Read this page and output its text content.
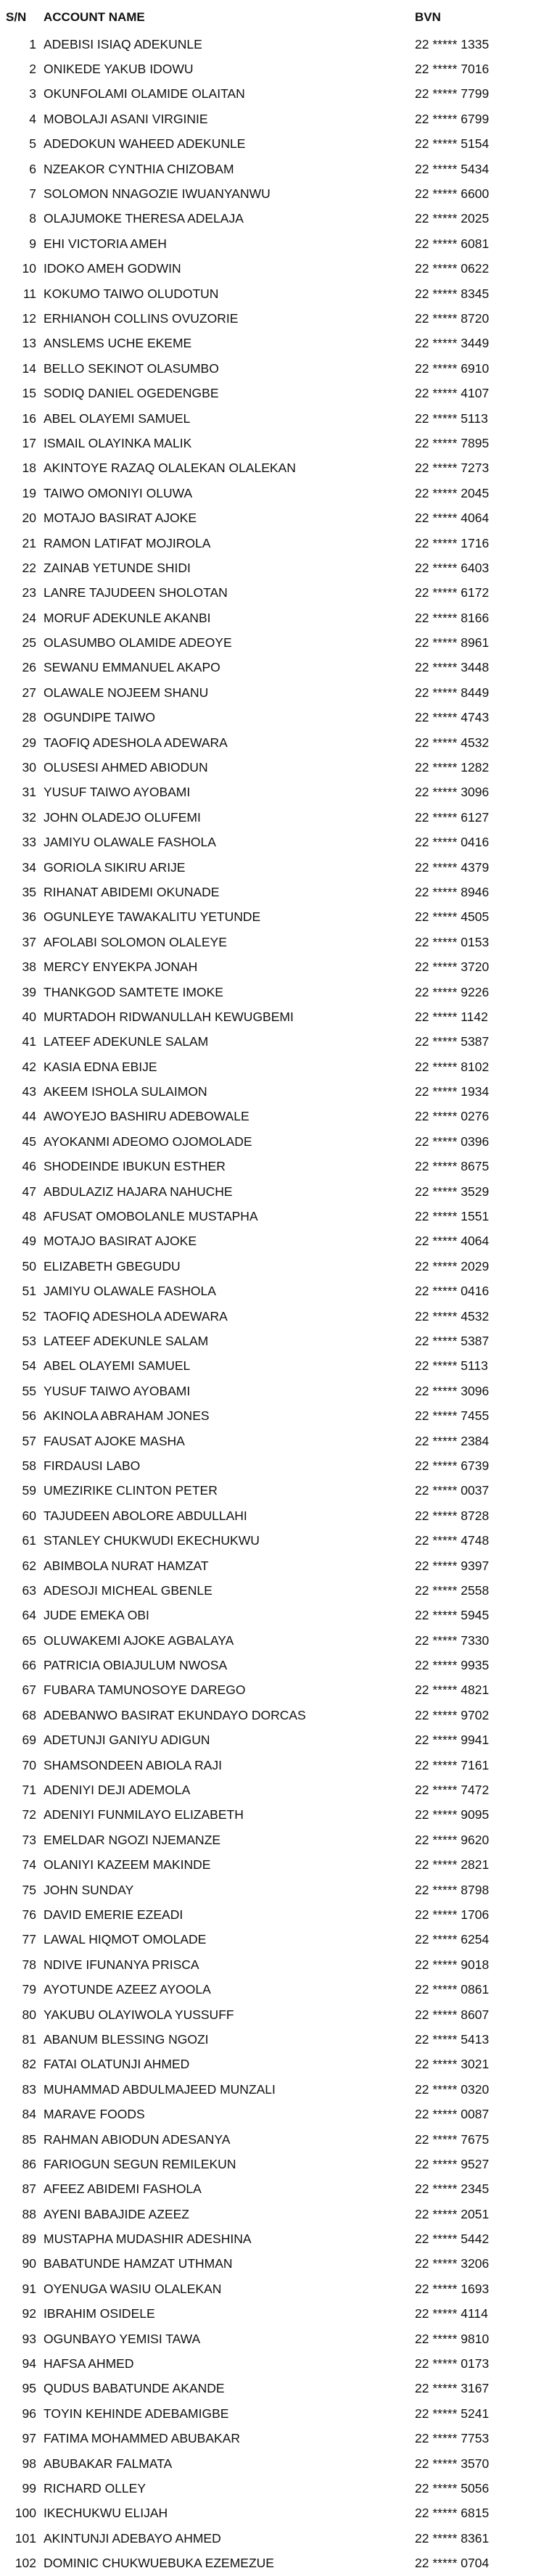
S/N	ACCOUNT NAME	BVN
1 ADEBISI ISIAQ ADEKUNLE	22 ***** 1335
2 ONIKEDE YAKUB IDOWU	22 ***** 7016
3 OKUNFOLAMI OLAMIDE OLAITAN	22 ***** 7799
4 MOBOLAJI ASANI VIRGINIE	22 ***** 6799
5 ADEDOKUN WAHEED ADEKUNLE	22 ***** 5154
6 NZEAKOR CYNTHIA CHIZOBAM	22 ***** 5434
7 SOLOMON NNAGOZIE IWUANYANWU	22 ***** 6600
8 OLAJUMOKE THERESA ADELAJA	22 ***** 2025
9 EHI VICTORIA AMEH	22 ***** 6081
10 IDOKO AMEH GODWIN	22 ***** 0622
11 KOKUMO TAIWO OLUDOTUN	22 ***** 8345
12 ERHIANOH COLLINS OVUZORIE	22 ***** 8720
13 ANSLEMS UCHE EKEME	22 ***** 3449
14 BELLO SEKINOT OLASUMBO	22 ***** 6910
15 SODIQ DANIEL OGEDENGBE	22 ***** 4107
16 ABEL OLAYEMI SAMUEL	22 ***** 5113
17 ISMAIL OLAYINKA MALIK	22 ***** 7895
18 AKINTOYE RAZAQ OLALEKAN OLALEKAN	22 ***** 7273
19 TAIWO OMONIYI OLUWA	22 ***** 2045
20 MOTAJO BASIRAT AJOKE	22 ***** 4064
21 RAMON LATIFAT MOJIROLA	22 ***** 1716
22 ZAINAB YETUNDE SHIDI	22 ***** 6403
23 LANRE TAJUDEEN SHOLOTAN	22 ***** 6172
24 MORUF ADEKUNLE AKANBI	22 ***** 8166
25 OLASUMBO OLAMIDE ADEOYE	22 ***** 8961
26 SEWANU EMMANUEL AKAPO	22 ***** 3448
27 OLAWALE NOJEEM SHANU	22 ***** 8449
28 OGUNDIPE TAIWO	22 ***** 4743
29 TAOFIQ ADESHOLA ADEWARA	22 ***** 4532
30 OLUSESI AHMED ABIODUN	22 ***** 1282
31 YUSUF TAIWO AYOBAMI	22 ***** 3096
32 JOHN OLADEJO OLUFEMI	22 ***** 6127
33 JAMIYU OLAWALE FASHOLA	22 ***** 0416
34 GORIOLA SIKIRU ARIJE	22 ***** 4379
35 RIHANAT ABIDEMI OKUNADE	22 ***** 8946
36 OGUNLEYE TAWAKALITU YETUNDE	22 ***** 4505
37 AFOLABI SOLOMON OLALEYE	22 ***** 0153
38 MERCY ENYEKPA JONAH	22 ***** 3720
39 THANKGOD SAMTETE IMOKE	22 ***** 9226
40 MURTADOH RIDWANULLAH KEWUGBEMI	22 ***** 1142
41 LATEEF ADEKUNLE SALAM	22 ***** 5387
42 KASIA EDNA EBIJE	22 ***** 8102
43 AKEEM ISHOLA SULAIMON	22 ***** 1934
44 AWOYEJO BASHIRU ADEBOWALE	22 ***** 0276
45 AYOKANMI ADEOMO OJOMOLADE	22 ***** 0396
46 SHODEINDE IBUKUN ESTHER	22 ***** 8675
47 ABDULAZIZ HAJARA NAHUCHE	22 ***** 3529
48 AFUSAT OMOBOLANLE MUSTAPHA	22 ***** 1551
49 MOTAJO BASIRAT AJOKE	22 ***** 4064
50 ELIZABETH GBEGUDU	22 ***** 2029
51 JAMIYU OLAWALE FASHOLA	22 ***** 0416
52 TAOFIQ ADESHOLA ADEWARA	22 ***** 4532
53 LATEEF ADEKUNLE SALAM	22 ***** 5387
54 ABEL OLAYEMI SAMUEL	22 ***** 5113
55 YUSUF TAIWO AYOBAMI	22 ***** 3096
56 AKINOLA ABRAHAM JONES	22 ***** 7455
57 FAUSAT AJOKE MASHA	22 ***** 2384
58 FIRDAUSI LABO	22 ***** 6739
59 UMEZIRIKE CLINTON PETER	22 ***** 0037
60 TAJUDEEN ABOLORE ABDULLAHI	22 ***** 8728
61 STANLEY CHUKWUDI EKECHUKWU	22 ***** 4748
62 ABIMBOLA NURAT HAMZAT	22 ***** 9397
63 ADESOJI MICHEAL GBENLE	22 ***** 2558
64 JUDE EMEKA OBI	22 ***** 5945
65 OLUWAKEMI AJOKE AGBALAYA	22 ***** 7330
66 PATRICIA OBIAJULUM NWOSA	22 ***** 9935
67 FUBARA TAMUNOSOYE DAREGO	22 ***** 4821
68 ADEBANWO BASIRAT EKUNDAYO DORCAS	22 ***** 9702
69 ADETUNJI GANIYU ADIGUN	22 ***** 9941
70 SHAMSONDEEN ABIOLA RAJI	22 ***** 7161
71 ADENIYI DEJI ADEMOLA	22 ***** 7472
72 ADENIYI FUNMILAYO ELIZABETH	22 ***** 9095
73 EMELDAR NGOZI NJEMANZE	22 ***** 9620
74 OLANIYI KAZEEM MAKINDE	22 ***** 2821
75 JOHN SUNDAY	22 ***** 8798
76 DAVID EMERIE EZEADI	22 ***** 1706
77 LAWAL HIQMOT OMOLADE	22 ***** 6254
78 NDIVE IFUNANYA PRISCA	22 ***** 9018
79 AYOTUNDE AZEEZ AYOOLA	22 ***** 0861
80 YAKUBU OLAYIWOLA YUSSUFF	22 ***** 8607
81 ABANUM BLESSING NGOZI	22 ***** 5413
82 FATAI OLATUNJI AHMED	22 ***** 3021
83 MUHAMMAD ABDULMAJEED MUNZALI	22 ***** 0320
84 MARAVE FOODS	22 ***** 0087
85 RAHMAN ABIODUN ADESANYA	22 ***** 7675
86 FARIOGUN SEGUN REMILEKUN	22 ***** 9527
87 AFEEZ ABIDEMI FASHOLA	22 ***** 2345
88 AYENI BABAJIDE AZEEZ	22 ***** 2051
89 MUSTAPHA MUDASHIR ADESHINA	22 ***** 5442
90 BABATUNDE HAMZAT UTHMAN	22 ***** 3206
91 OYENUGA WASIU OLALEKAN	22 ***** 1693
92 IBRAHIM OSIDELE	22 ***** 4114
93 OGUNBAYO YEMISI TAWA	22 ***** 9810
94 HAFSA AHMED	22 ***** 0173
95 QUDUS BABATUNDE AKANDE	22 ***** 3167
96 TOYIN KEHINDE ADEBAMIGBE	22 ***** 5241
97 FATIMA MOHAMMED ABUBAKAR	22 ***** 7753
98 ABUBAKAR FALMATA	22 ***** 3570
99 RICHARD OLLEY	22 ***** 5056
100 IKECHUKWU ELIJAH	22 ***** 6815
101 AKINTUNJI ADEBAYO AHMED	22 ***** 8361
102 DOMINIC CHUKWUEBUKA EZEMEZUE	22 ***** 0704
